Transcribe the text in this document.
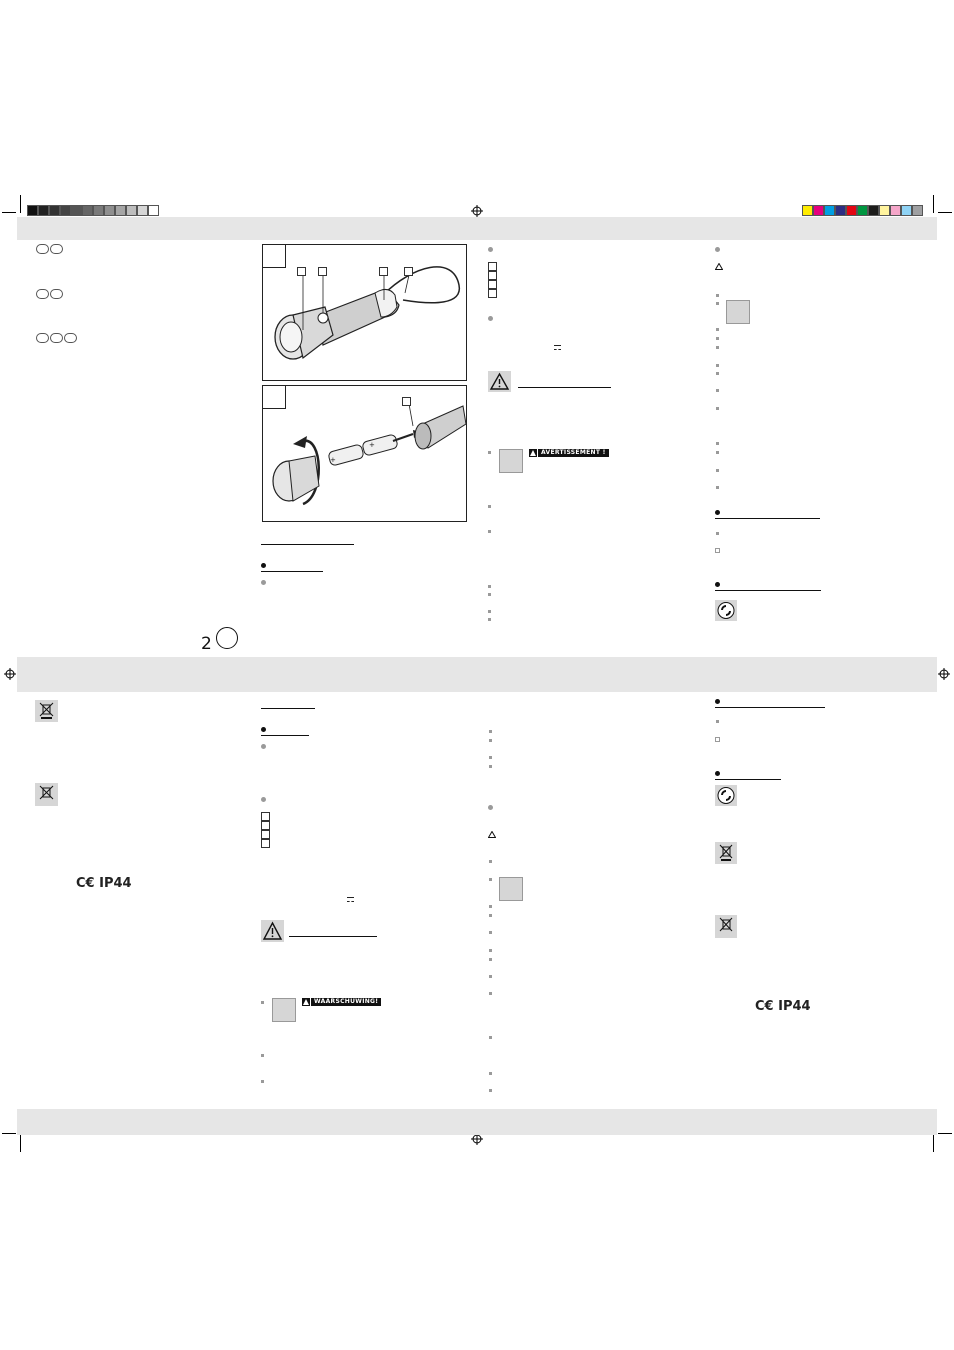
2
+
+
AVERTISSEMENT !
C€ IP44
WAARSCHUWING!	C€ IP44
